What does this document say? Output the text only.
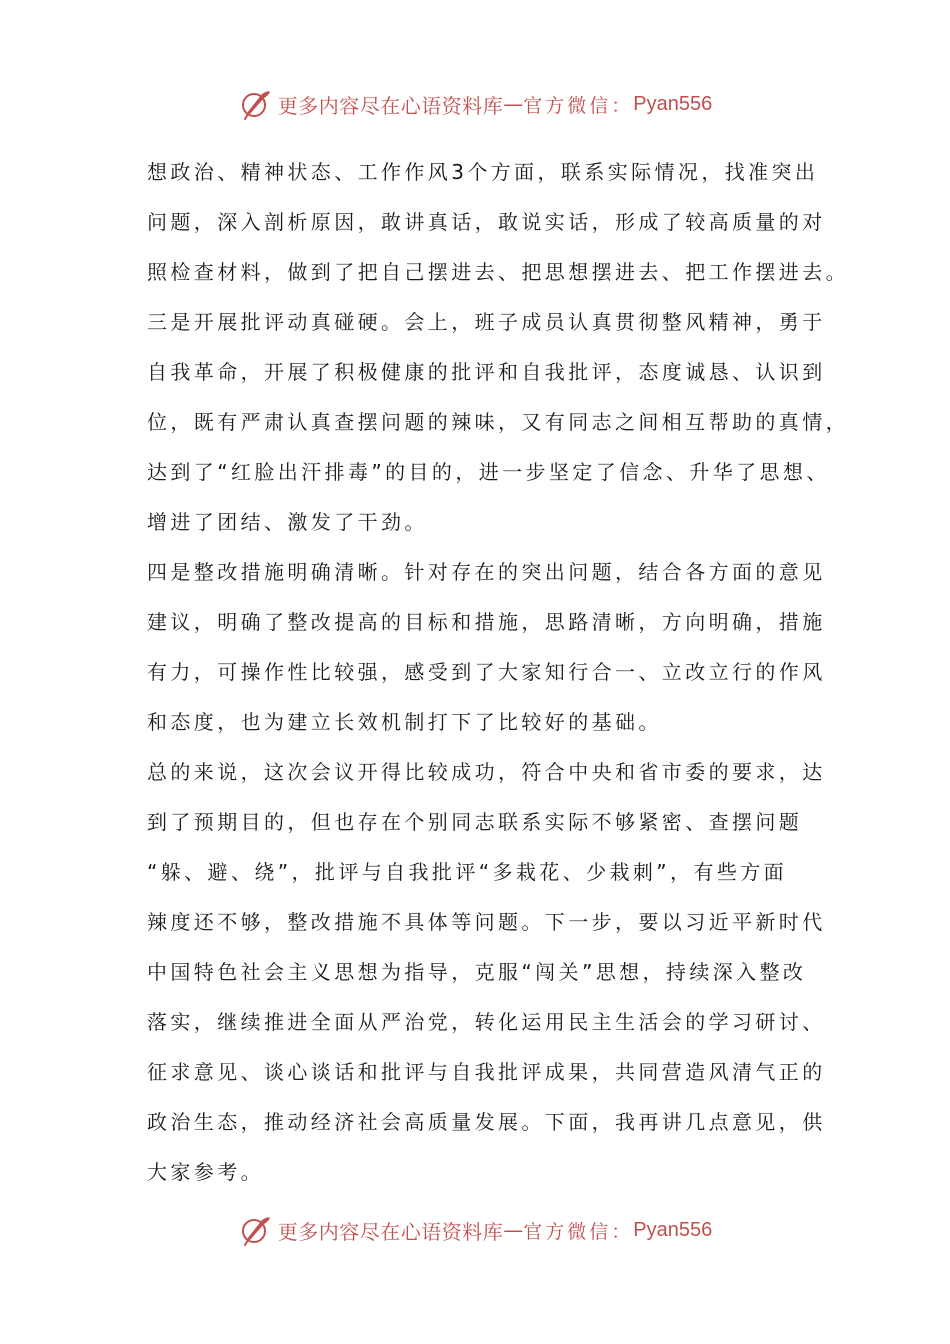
更多内容尽在心语资料库 — 官方微信： Pyan556
想政治、精神状态、工作作风3个方面，联系实际情况，找准突出
问题，深入剖析原因，敢讲真话，敢说实话，形成了较高质量的对
照检查材料，做到了把自己摆进去、把思想摆进去、把工作摆进去。
三是开展批评动真碰硬。会上，班子成员认真贯彻整风精神，勇于
自我革命，开展了积极健康的批评和自我批评，态度诚恳、认识到
位，既有严肃认真查摆问题的辣味，又有同志之间相互帮助的真情，
达到了“红脸出汗排毒”的目的，进一步坚定了信念、升华了思想、
增进了团结、激发了干劲。
四是整改措施明确清晰。针对存在的突出问题，结合各方面的意见
建议，明确了整改提高的目标和措施，思路清晰，方向明确，措施
有力，可操作性比较强，感受到了大家知行合一、立改立行的作风
和态度，也为建立长效机制打下了比较好的基础。
总的来说，这次会议开得比较成功，符合中央和省市委的要求，达
到了预期目的，但也存在个别同志联系实际不够紧密、查摆问题
“躲、避、绕”，批评与自我批评“多栽花、少栽刺”，有些方面
辣度还不够，整改措施不具体等问题。下一步，要以习近平新时代
中国特色社会主义思想为指导，克服“闯关”思想，持续深入整改
落实，继续推进全面从严治党，转化运用民主生活会的学习研讨、
征求意见、谈心谈话和批评与自我批评成果，共同营造风清气正的
政治生态，推动经济社会高质量发展。下面，我再讲几点意见，供
大家参考。
更多内容尽在心语资料库 — 官方微信： Pyan556
